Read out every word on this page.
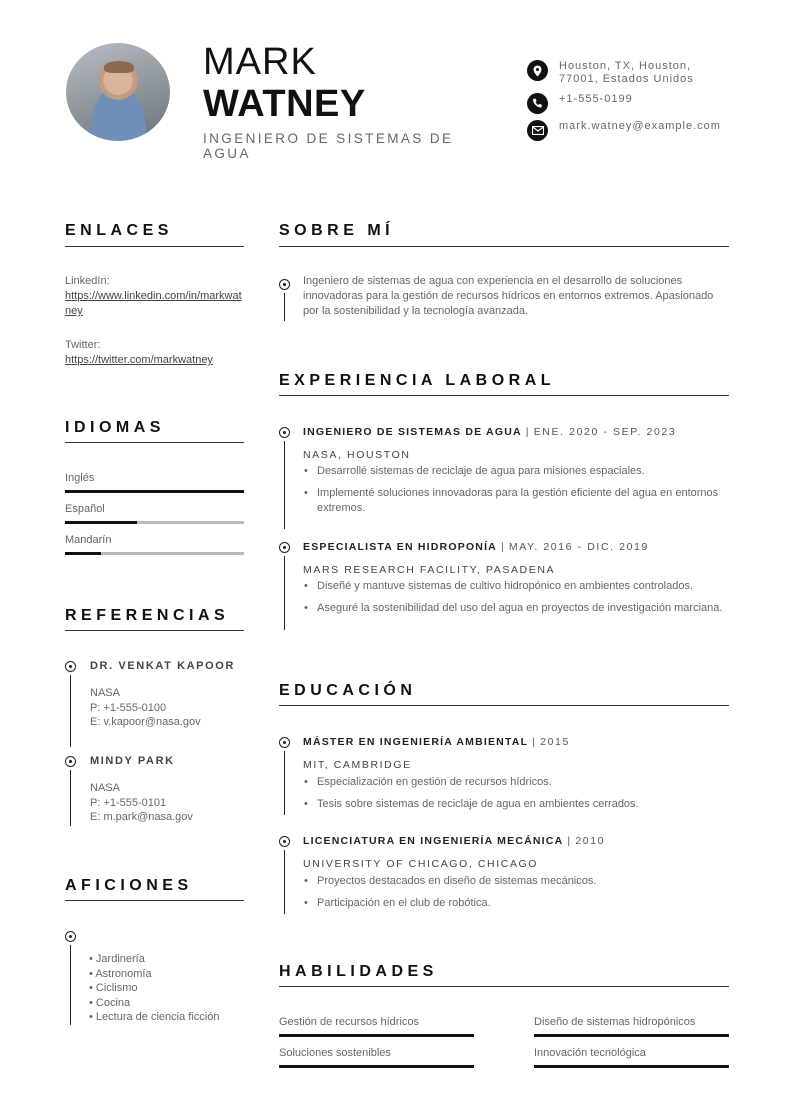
MARK
WATNEY
INGENIERO DE SISTEMAS DE AGUA
Houston, TX, Houston, 77001, Estados Unidos
+1-555-0199
mark.watney@example.com
ENLACES
LinkedIn:
https://www.linkedin.com/in/markwatney
Twitter:
https://twitter.com/markwatney
IDIOMAS
Inglés
Español
Mandarín
REFERENCIAS
DR. VENKAT KAPOOR
NASA
P: +1-555-0100
E: v.kapoor@nasa.gov
MINDY PARK
NASA
P: +1-555-0101
E: m.park@nasa.gov
AFICIONES
• Jardinería
• Astronomía
• Ciclismo
• Cocina
• Lectura de ciencia ficción
SOBRE MÍ
Ingeniero de sistemas de agua con experiencia en el desarrollo de soluciones innovadoras para la gestión de recursos hídricos en entornos extremos. Apasionado por la sostenibilidad y la tecnología avanzada.
EXPERIENCIA LABORAL
INGENIERO DE SISTEMAS DE AGUA | ENE. 2020 - SEP. 2023
NASA, HOUSTON
• Desarrollé sistemas de reciclaje de agua para misiones espaciales.
• Implementé soluciones innovadoras para la gestión eficiente del agua en entornos extremos.
ESPECIALISTA EN HIDROPONÍA | MAY. 2016 - DIC. 2019
MARS RESEARCH FACILITY, PASADENA
• Diseñé y mantuve sistemas de cultivo hidropónico en ambientes controlados.
• Aseguré la sostenibilidad del uso del agua en proyectos de investigación marciana.
EDUCACIÓN
MÁSTER EN INGENIERÍA AMBIENTAL | 2015
MIT, CAMBRIDGE
• Especialización en gestión de recursos hídricos.
• Tesis sobre sistemas de reciclaje de agua en ambientes cerrados.
LICENCIATURA EN INGENIERÍA MECÁNICA | 2010
UNIVERSITY OF CHICAGO, CHICAGO
• Proyectos destacados en diseño de sistemas mecánicos.
• Participación en el club de robótica.
HABILIDADES
Gestión de recursos hídricos	Diseño de sistemas hidropónicos
Soluciones sostenibles	Innovación tecnológica
